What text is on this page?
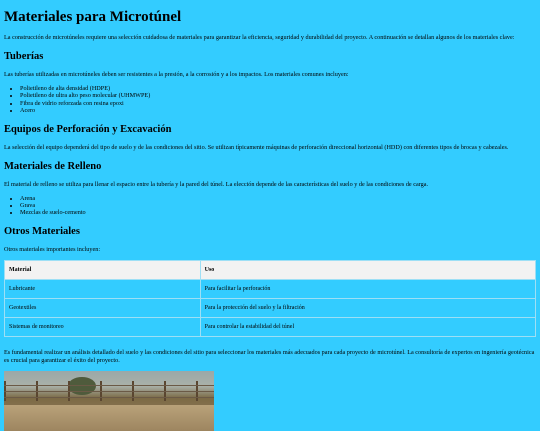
Materiales para Microtúnel

La construcción de microtúneles requiere una selección cuidadosa de materiales para garantizar la eficiencia, seguridad y durabilidad del proyecto. A continuación se detallan algunos de los materiales clave:

Tuberías

Las tuberías utilizadas en microtúneles deben ser resistentes a la presión, a la corrosión y a los impactos. Los materiales comunes incluyen:

• Polietileno de alta densidad (HDPE)
• Polietileno de ultra alto peso molecular (UHMWPE)
• Fibra de vidrio reforzada con resina epoxi
• Acero
Equipos de Perforación y Excavación

La selección del equipo dependerá del tipo de suelo y de las condiciones del sitio. Se utilizan típicamente máquinas de perforación direccional horizontal (HDD) con diferentes tipos de brocas y cabezales.

Materiales de Relleno

El material de relleno se utiliza para llenar el espacio entre la tubería y la pared del túnel. La elección depende de las características del suelo y de las condiciones de carga.

• Arena
• Grava
• Mezclas de suelo-cemento
Otros Materiales

Otros materiales importantes incluyen:

Material	Uso
Lubricante	Para facilitar la perforación
Geotextiles	Para la protección del suelo y la filtración
Sistemas de monitoreo	Para controlar la estabilidad del túnel

Es fundamental realizar un análisis detallado del suelo y las condiciones del sitio para seleccionar los materiales más adecuados para cada proyecto de microtúnel. La consultoría de expertos en ingeniería geotécnica es crucial para garantizar el éxito del proyecto.
